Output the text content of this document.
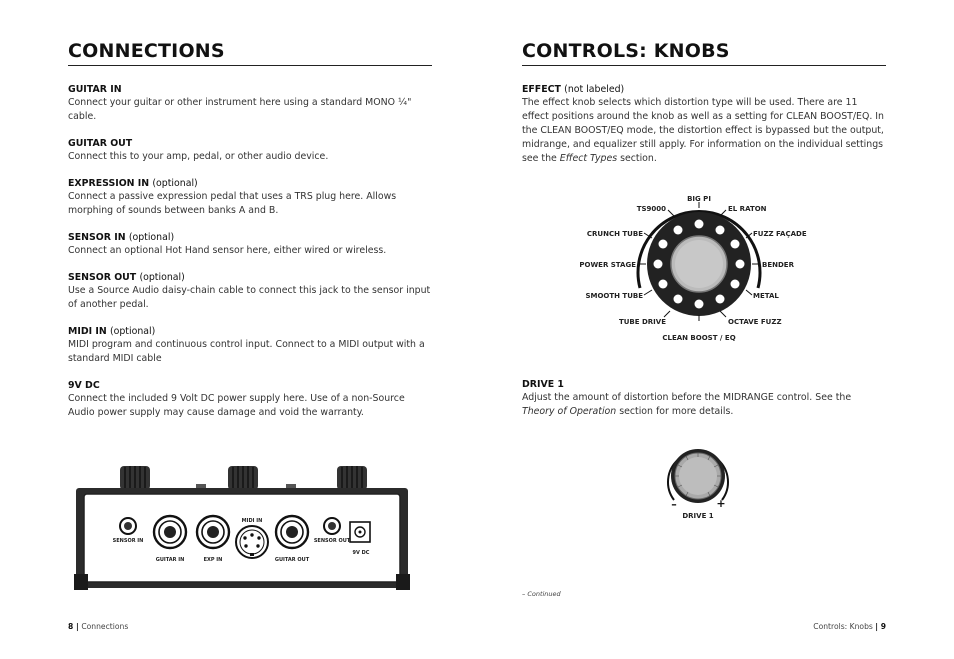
CONNECTIONS
GUITAR IN
Connect your guitar or other instrument here using a standard MONO ¼" cable.
GUITAR OUT
Connect this to your amp, pedal, or other audio device.
EXPRESSION IN (optional)
Connect a passive expression pedal that uses a TRS plug here. Allows morphing of sounds between banks A and B.
SENSOR IN (optional)
Connect an optional Hot Hand sensor here, either wired or wireless.
SENSOR OUT (optional)
Use a Source Audio daisy-chain cable to connect this jack to the sensor input of another pedal.
MIDI IN (optional)
MIDI program and continuous control input. Connect to a MIDI output with a standard MIDI cable
9V DC
Connect the included 9 Volt DC power supply here. Use of a non-Source Audio power supply may cause damage and void the warranty.
SENSOR IN
GUITAR IN	EXP IN
MIDI IN
GUITAR OUT
SENSOR OUT
9V DC
CONTROLS: KNOBS
EFFECT (not labeled)
The effect knob selects which distortion type will be used. There are 11 effect positions around the knob as well as a setting for CLEAN BOOST/EQ. In the CLEAN BOOST/EQ mode, the distortion effect is bypassed but the output, midrange, and equalizer still apply. For information on the individual settings see the Effect Types section.
BIG PI
TS9000	EL RATON
CRUNCH TUBE	FUZZ FAÇADE
POWER STAGE	BENDER
SMOOTH TUBE	METAL
TUBE DRIVE	OCTAVE FUZZ
CLEAN BOOST / EQ
DRIVE 1
Adjust the amount of distortion before the MIDRANGE control. See the Theory of Operation section for more details.
–	+
DRIVE 1
– Continued
8 | Connections	Controls: Knobs | 9
